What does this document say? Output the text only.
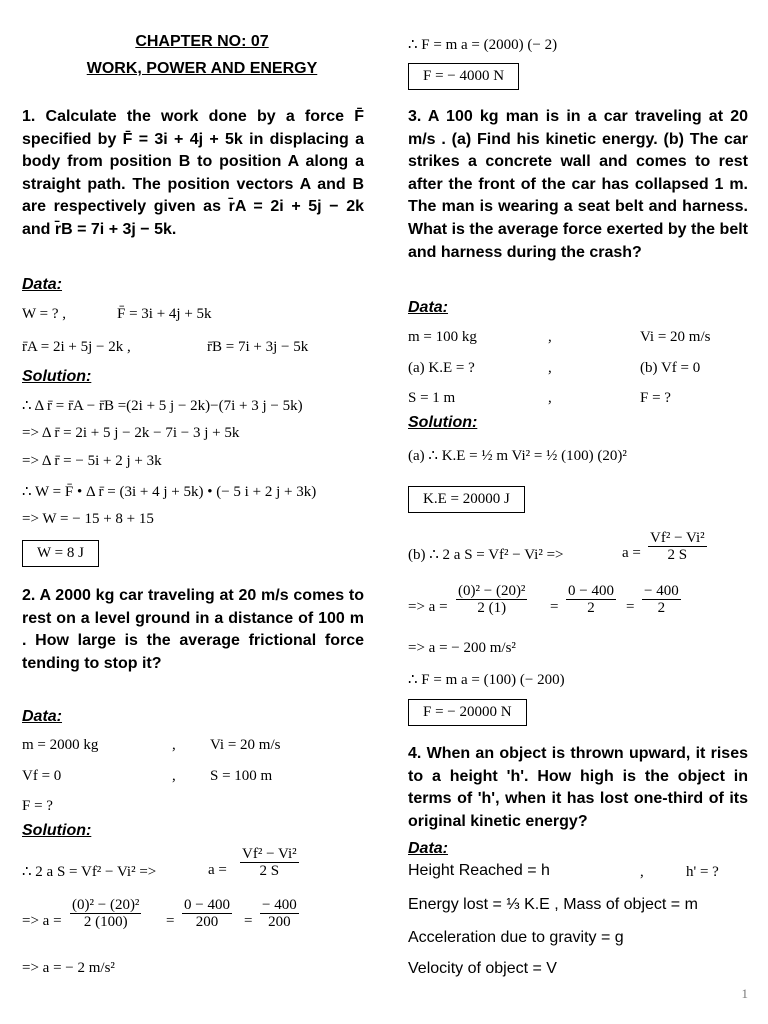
CHAPTER NO: 07
WORK, POWER AND ENERGY
1. Calculate the work done by a force F̄ specified by F̄ = 3i + 4j + 5k in displacing a body from position B to position A along a straight path. The position vectors A and B are respectively given as r̄A = 2i + 5j − 2k and r̄B = 7i + 3j − 5k.
Data:
W = ? ,	F̄ = 3i + 4j + 5k
r̄A = 2i + 5j − 2k ,	r̄B = 7i + 3j − 5k
Solution:
∴ Δ r̄ = r̄A − r̄B =(2i + 5 j − 2k)−(7i + 3 j − 5k)
=> Δ r̄ = 2i + 5 j − 2k − 7i − 3 j + 5k
=> Δ r̄ = − 5i + 2 j + 3k
∴ W = F̄ • Δ r̄ = (3i + 4 j + 5k) • (− 5 i + 2 j + 3k)
=> W = − 15 + 8 + 15
W = 8 J
2. A 2000 kg car traveling at 20 m/s comes to rest on a level ground in a distance of 100 m . How large is the average frictional force tending to stop it?
Data:
m = 2000 kg	, Vi = 20 m/s
Vf = 0	, S = 100 m
F = ?
Solution:
∴ 2 a S = Vf² − Vi² =>	$a = \frac{\text{Vf² − Vi²}}{2 S}$
=> $a = \frac{\text{(0)² − (20)²}}{2 (100)} = \frac{0 - 400}{200} = \frac{- 400}{200}$
=> a = − 2 m/s²
∴ F = m a = (2000) (− 2)
F = − 4000 N
3. A 100 kg man is in a car traveling at 20 m/s . (a) Find his kinetic energy. (b) The car strikes a concrete wall and comes to rest after the front of the car has collapsed 1 m. The man is wearing a seat belt and harness. What is the average force exerted by the belt and harness during the crash?
Data:
m = 100 kg	,	Vi = 20 m/s
(a) K.E = ?	,	(b) Vf = 0
S = 1 m	,	F = ?
Solution:
(a) ∴ K.E = ½ m Vi² = ½ (100) (20)²
K.E = 20000 J
(b) ∴ 2 a S = Vf² − Vi² =>	$a = \frac{\text{Vf² − Vi²}}{2 S}$
=> $a = \frac{\text{(0)² − (20)²}}{2 (1)} = \frac{0 - 400}{2} = \frac{- 400}{2}$
=> a = − 200 m/s²
∴ F = m a = (100) (− 200)
F = − 20000 N
4. When an object is thrown upward, it rises to a height 'h'. How high is the object in terms of 'h', when it has lost one-third of its original kinetic energy?
Data:
Height Reached = h	,	h' = ?
Energy lost = ⅓ K.E , Mass of object = m
Acceleration due to gravity = g
Velocity of object = V
1
